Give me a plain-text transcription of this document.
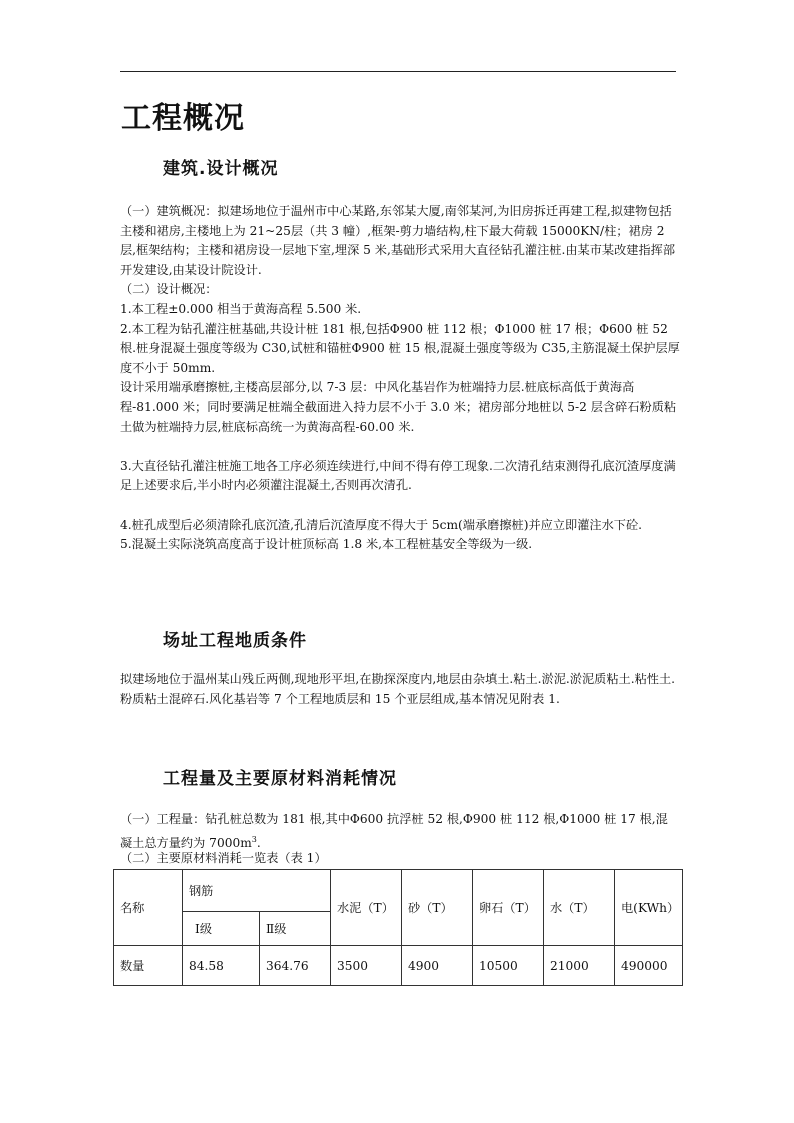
工程概况
建筑.设计概况

（一）建筑概况：拟建场地位于温州市中心某路,东邻某大厦,南邻某河,为旧房拆迁再建工程,拟建物包括主楼和裙房,主楼地上为 21~25层（共 3 幢）,框架-剪力墙结构,柱下最大荷载 15000KN/柱；裙房 2层,框架结构；主楼和裙房设一层地下室,埋深 5 米,基础形式采用大直径钻孔灌注桩.由某市某改建指挥部开发建设,由某设计院设计.

（二）设计概况：

1.本工程±0.000 相当于黄海高程 5.500 米.

2.本工程为钻孔灌注桩基础,共设计桩 181 根,包括Φ900 桩 112 根；Φ1000 桩 17 根；Φ600 桩 52 根.桩身混凝土强度等级为 C30,试桩和锚桩Φ900 桩 15 根,混凝土强度等级为 C35,主筋混凝土保护层厚度不小于 50mm.

设计采用端承磨擦桩,主楼高层部分,以 7-3 层：中风化基岩作为桩端持力层.桩底标高低于黄海高程-81.000 米；同时要满足桩端全截面进入持力层不小于 3.0 米；裙房部分地桩以 5-2 层含碎石粉质粘土做为桩端持力层,桩底标高统一为黄海高程-60.00 米.

3.大直径钻孔灌注桩施工地各工序必须连续进行,中间不得有停工现象.二次清孔结束测得孔底沉渣厚度满足上述要求后,半小时内必须灌注混凝土,否则再次清孔.

4.桩孔成型后必须清除孔底沉渣,孔清后沉渣厚度不得大于 5cm(端承磨擦桩)并应立即灌注水下砼.

5.混凝土实际浇筑高度高于设计桩顶标高 1.8 米,本工程桩基安全等级为一级.

场址工程地质条件

拟建场地位于温州某山残丘两侧,现地形平坦,在勘探深度内,地层由杂填土.粘土.淤泥.淤泥质粘土.粘性土.粉质粘土混碎石.风化基岩等 7 个工程地质层和 15 个亚层组成,基本情况见附表 1.

工程量及主要原材料消耗情况

（一）工程量：钻孔桩总数为 181 根,其中Φ600 抗浮桩 52 根,Φ900 桩 112 根,Φ1000 桩 17 根,混凝土总方量约为 $7000m^3$.

（二）主要原材料消耗一览表（表 1）
名称	钢筋		水泥（T）	砂（T）	卵石（T）	水（T）	电(KWh）
	Ⅰ级	Ⅱ级					
数量	84.58	364.76	3500	4900	10500	21000	490000
